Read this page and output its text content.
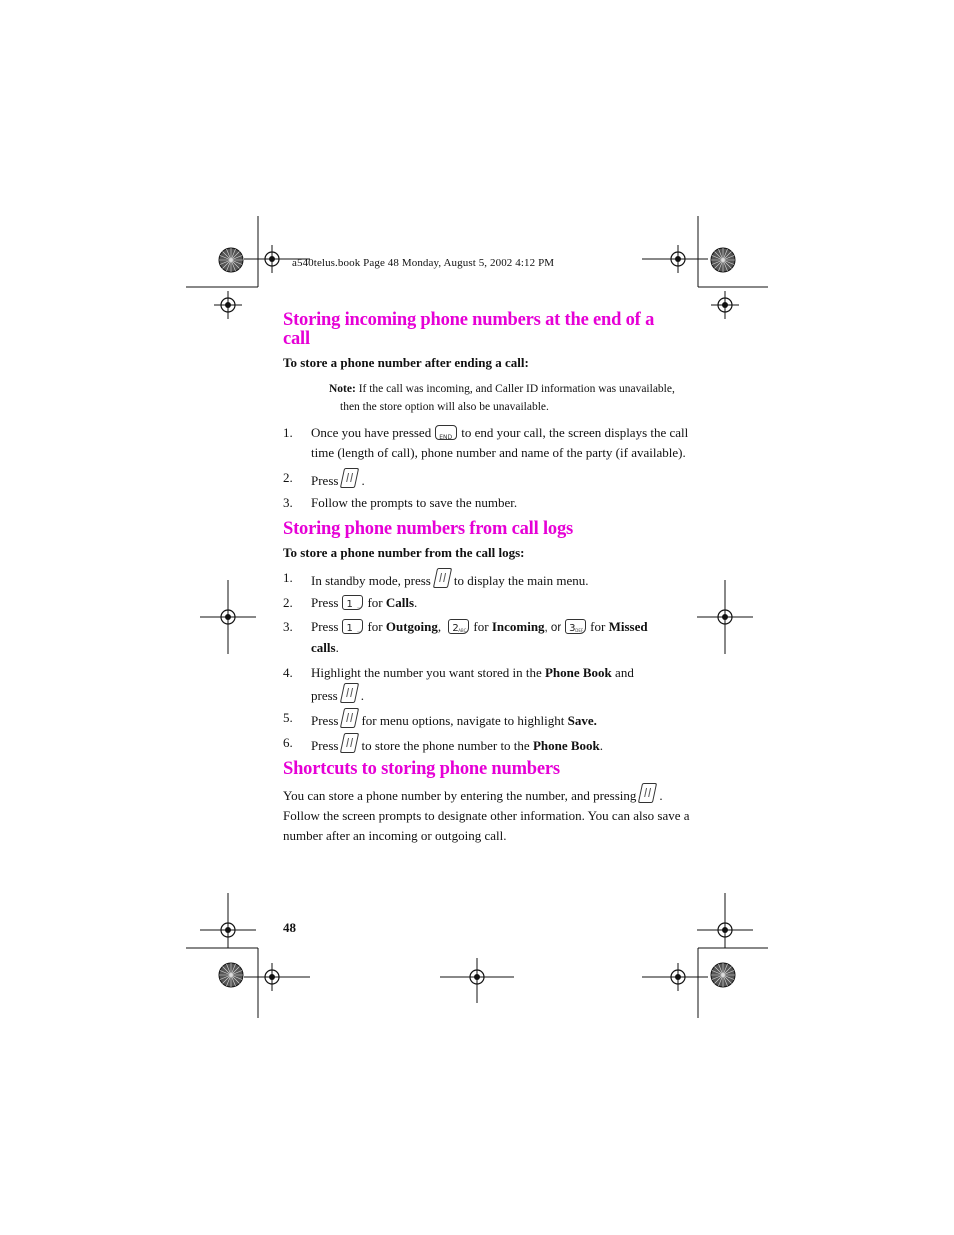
a540telus.book Page 48 Monday, August 5, 2002 4:12 PM
Storing incoming phone numbers at the end of a
call

To store a phone number after ending a call:

Note: If the call was incoming, and Caller ID information was unavailable,
then the store option will also be unavailable.
1. Once you have pressedEND to end your call, the screen displays the call
time (length of call), phone number and name of the party (if available).
2. Press .
3. Follow the prompts to save the number.
Storing phone numbers from call logs

To store a phone number from the call logs:

1. In standby mode, press to display the main menu.
2. Press 1 … for Calls.
3. Press 1 … for Outgoing, 2 ABC for Incoming, or 3 DEF for Missed
calls.
4. Highlight the number you want stored in the Phone Book and
press .
5. Press for menu options, navigate to highlight Save.
6. Press to store the phone number to the Phone Book.
Shortcuts to storing phone numbers
You can store a phone number by entering the number, and pressing .
Follow the screen prompts to designate other information. You can also save a
number after an incoming or outgoing call.
48
